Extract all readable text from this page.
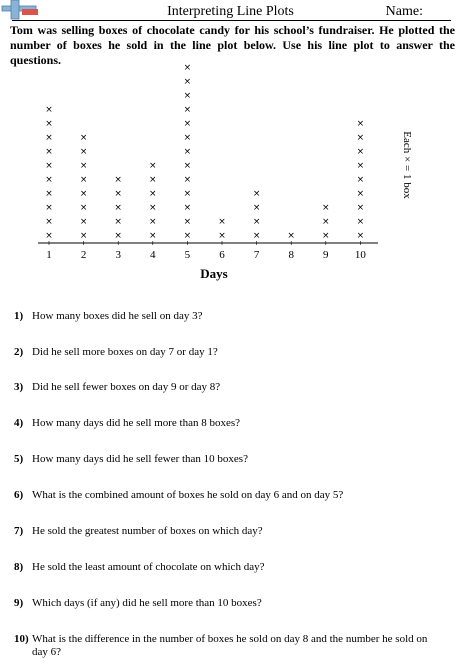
Interpreting Line Plots	Name:
Tom was selling boxes of chocolate candy for his school’s fundraiser. He plotted the number of boxes he sold in the line plot below. Use his line plot to answer the questions.
×
×
×
×
×
×
×
×
×
×
×
×
×
×
×
×
×
×
×
×
×
×
×
×
×
×
×
×
×
×
×
×
×
×
×
×
×
×
×
×
×
×
×
×
×
×
×
×
×	×
×
×
×
×
×
×
×
×
×
×
×
1	2	3	4	5	6	7	8	9 10
Days
Each × = 1 box
1) How many boxes did he sell on day 3?
2) Did he sell more boxes on day 7 or day 1?
3) Did he sell fewer boxes on day 9 or day 8?
4) How many days did he sell more than 8 boxes?
5) How many days did he sell fewer than 10 boxes?
6) What is the combined amount of boxes he sold on day 6 and on day 5?
7) He sold the greatest number of boxes on which day?
8) He sold the least amount of chocolate on which day?
9) Which days (if any) did he sell more than 10 boxes?
10) What is the difference in the number of boxes he sold on day 8 and the number he sold on day 6?
